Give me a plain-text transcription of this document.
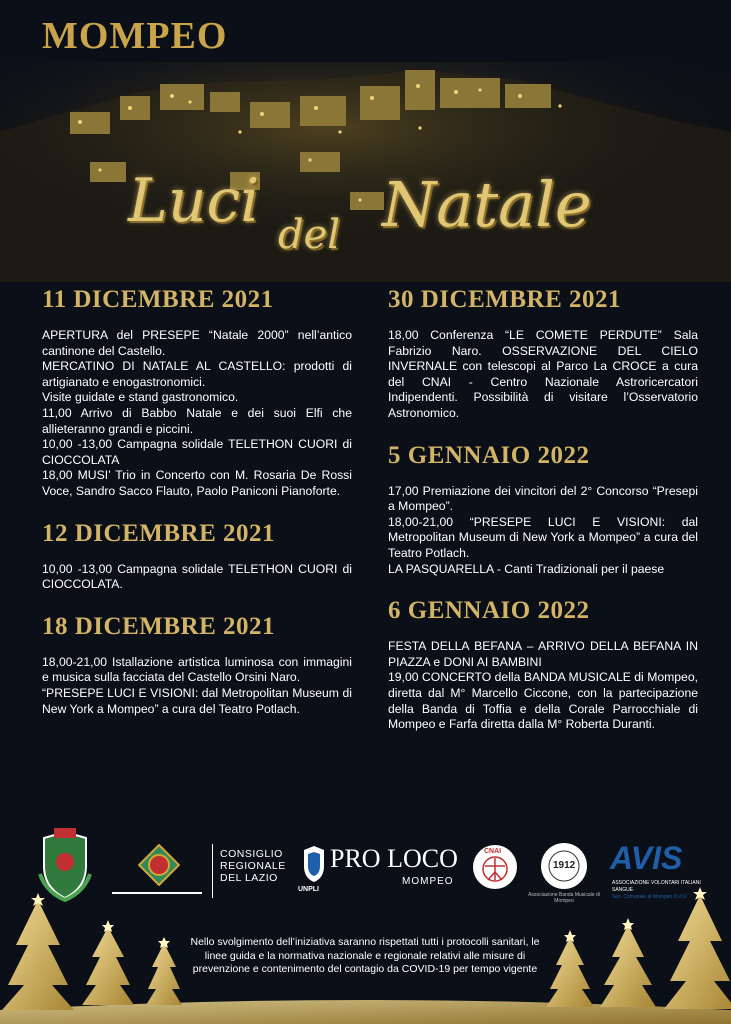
MOMPEO
Luci del Natale
11 DICEMBRE 2021

APERTURA del PRESEPE “Natale 2000” nell’antico cantinone del Castello.

MERCATINO DI NATALE AL CASTELLO: prodotti di artigianato e enogastronomici.

Visite guidate e stand gastronomico.

11,00 Arrivo di Babbo Natale e dei suoi Elfi che allieteranno grandi e piccini.

10,00 -13,00 Campagna solidale TELETHON CUORI di CIOCCOLATA

18,00 MUSI’ Trio in Concerto con M. Rosaria De Rossi Voce, Sandro Sacco Flauto, Paolo Paniconi Pianoforte.

12 DICEMBRE 2021

10,00 -13,00 Campagna solidale TELETHON CUORI di CIOCCOLATA.

18 DICEMBRE 2021

18,00-21,00 Istallazione artistica luminosa con immagini e musica sulla facciata del Castello Orsini Naro.

“PRESEPE LUCI E VISIONI: dal Metropolitan Museum di New York a Mompeo” a cura del Teatro Potlach.

30 DICEMBRE 2021

18,00 Conferenza “LE COMETE PERDUTE” Sala Fabrizio Naro. OSSERVAZIONE DEL CIELO INVERNALE con telescopi al Parco La CROCE a cura del CNAI - Centro Nazionale Astroricercatori Indipendenti. Possibilità di visitare l’Osservatorio Astronomico.

5 GENNAIO 2022

17,00 Premiazione dei vincitori del 2° Concorso “Presepi a Mompeo”.

18,00-21,00 “PRESEPE LUCI E VISIONI: dal Metropolitan Museum di New York a Mompeo” a cura del Teatro Potlach.

LA PASQUARELLA - Canti Tradizionali per il paese

6 GENNAIO 2022

FESTA DELLA BEFANA – ARRIVO DELLA BEFANA IN PIAZZA e DONI AI BAMBINI

19,00 CONCERTO della BANDA MUSICALE di Mompeo, diretta dal M° Marcello Ciccone, con la partecipazione della Banda di Toffia e della Corale Parrocchiale di Mompeo e Farfa diretta dalla M° Roberta Duranti.

CONSIGLIO
REGIONALE
DEL LAZIO
UNPLI
PRO LOCO
MOMPEO
CNAI
1912
Associazione Banda Musicale di Mompeo
AVIS
ASSOCIAZIONE VOLONTARI ITALIANI SANGUE
Sez. Comunale di Mompeo O.d.V.

Nello svolgimento dell’iniziativa saranno rispettati tutti i protocolli sanitari, le linee guida e la normativa nazionale e regionale relativi alle misure di prevenzione e contenimento del contagio da COVID-19 per tempo vigente
